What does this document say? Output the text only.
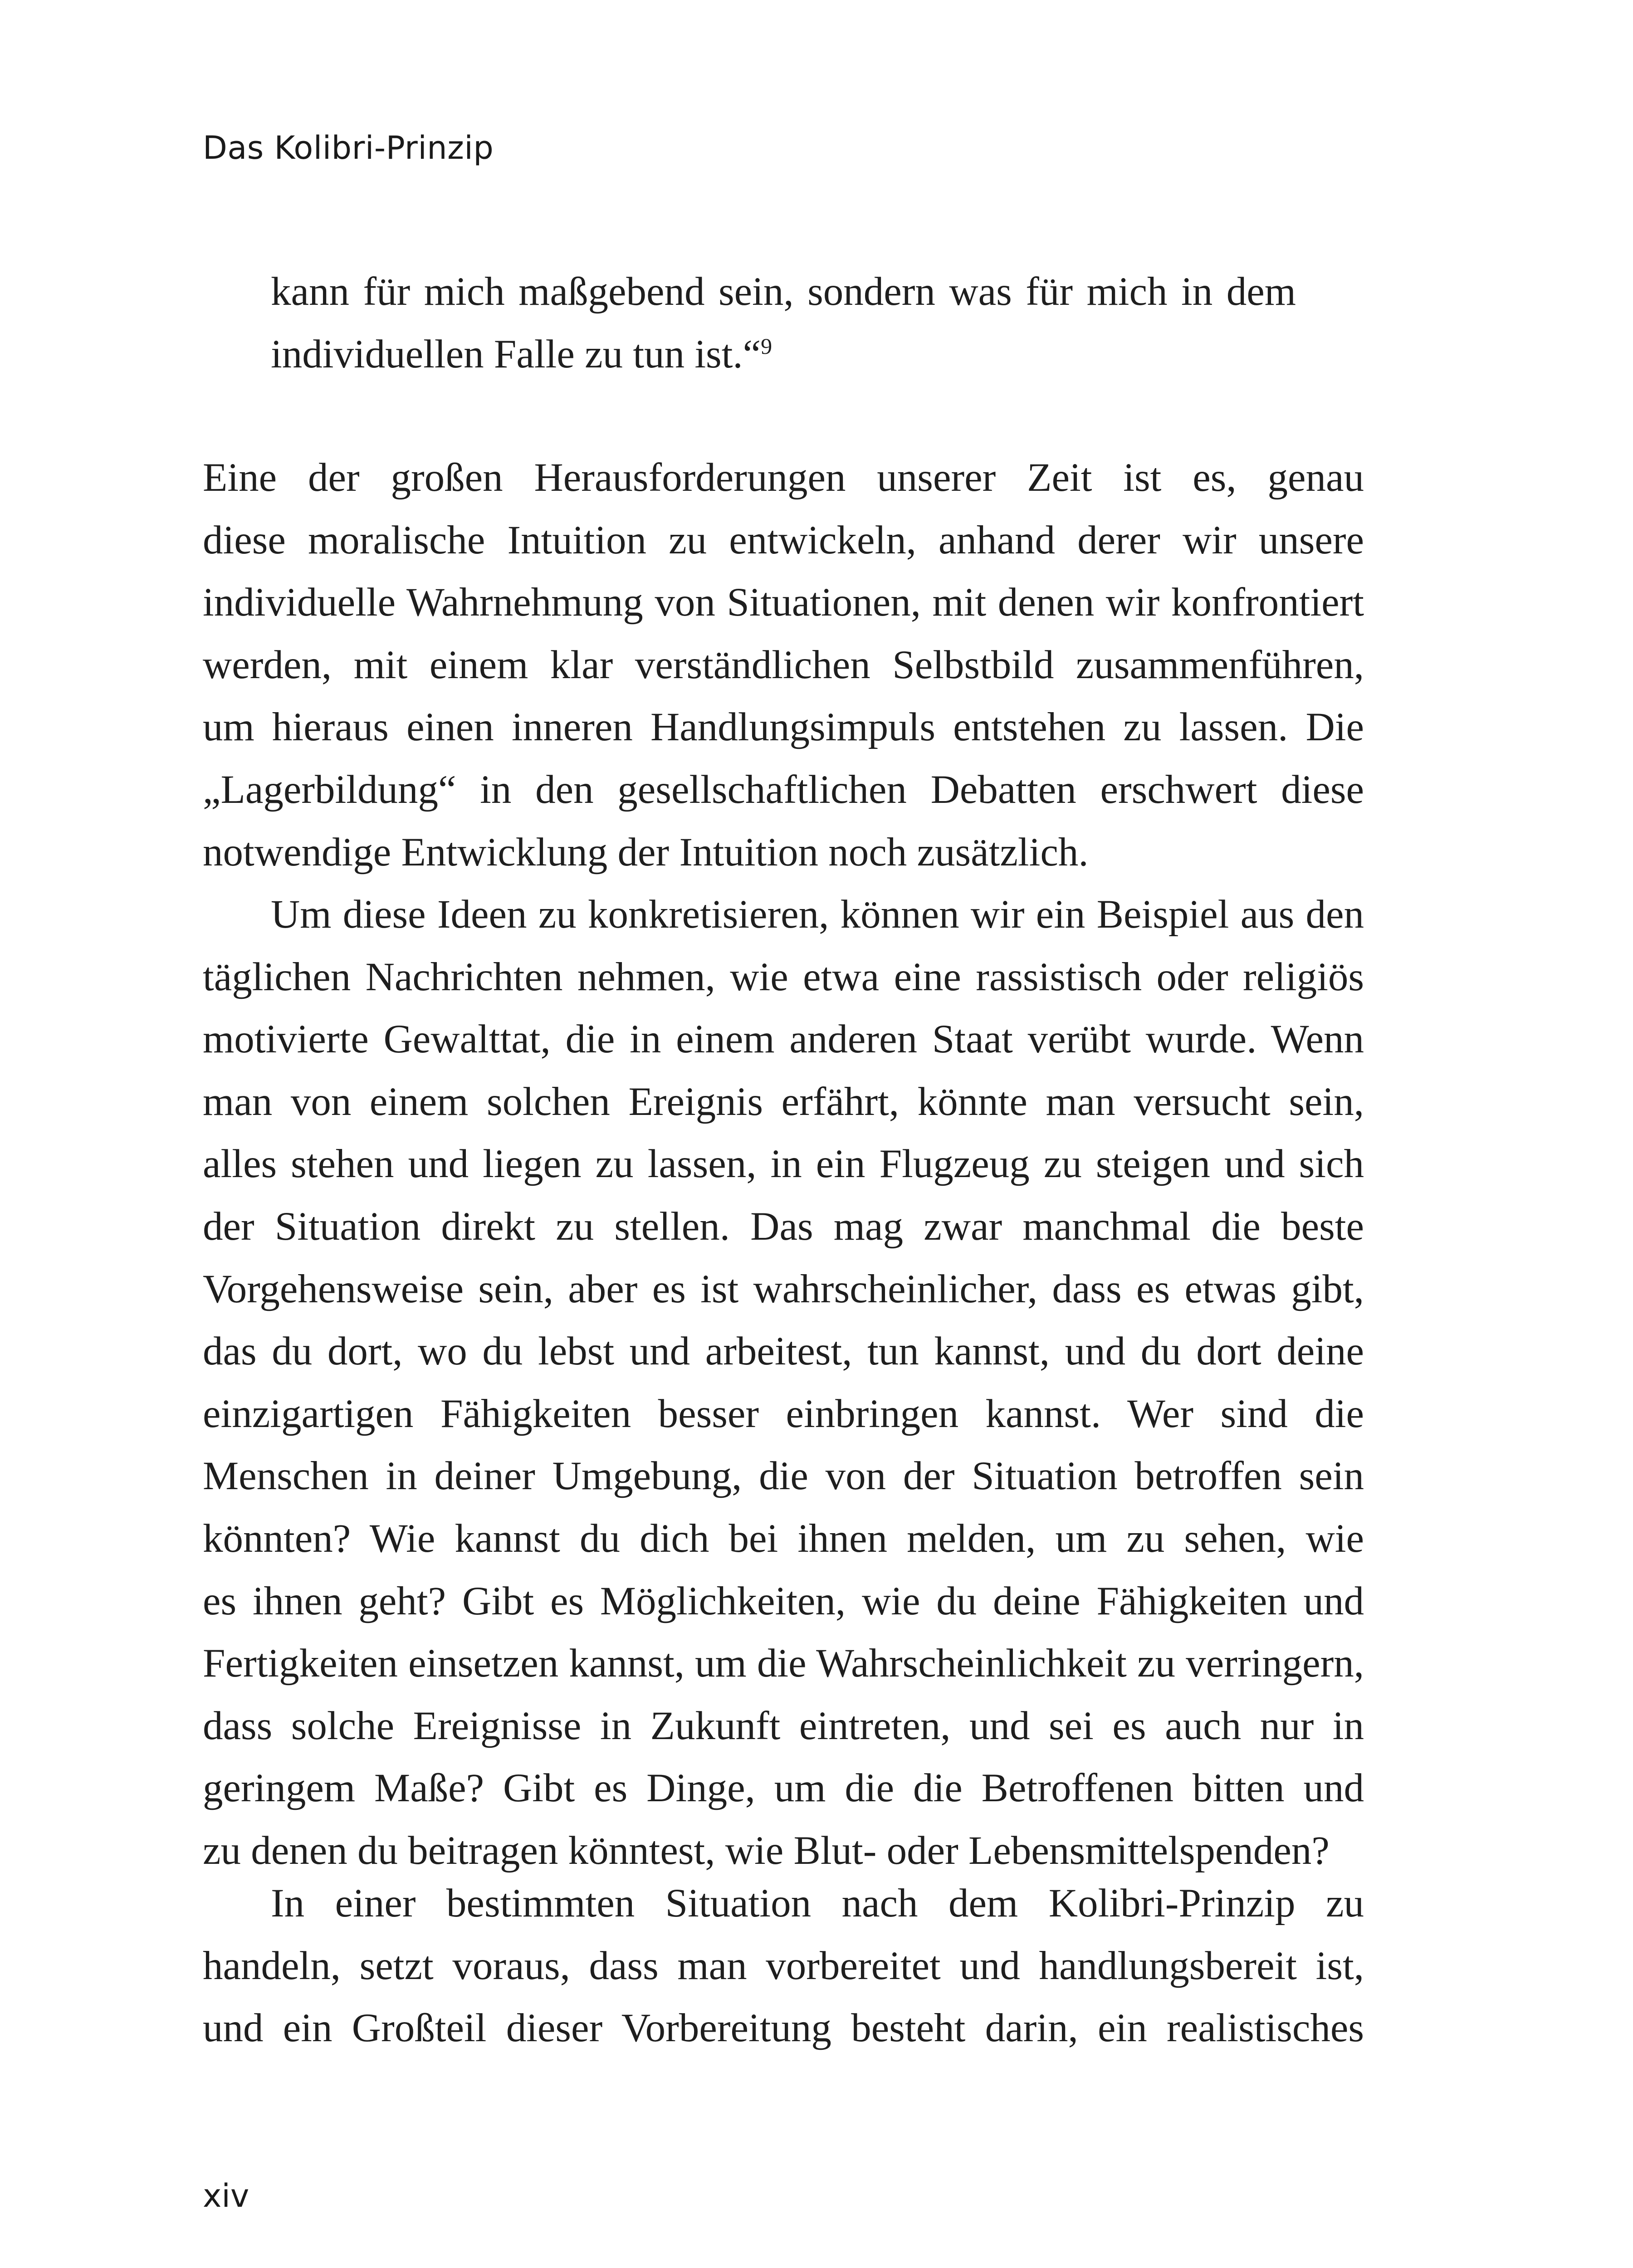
Das Kolibri-Prinzip
kann für mich maßgebend sein, sondern was für mich in dem
individuellen Falle zu tun ist.“$^9$
Eine der großen Herausforderungen unserer Zeit ist es, genau
diese moralische Intuition zu entwickeln, anhand derer wir unsere
individuelle Wahrnehmung von Situationen, mit denen wir konfrontiert
werden, mit einem klar verständlichen Selbstbild zusammenführen,
um hieraus einen inneren Handlungsimpuls entstehen zu lassen. Die
„Lagerbildung“ in den gesellschaftlichen Debatten erschwert diese
notwendige Entwicklung der Intuition noch zusätzlich.
Um diese Ideen zu konkretisieren, können wir ein Beispiel aus den
täglichen Nachrichten nehmen, wie etwa eine rassistisch oder religiös
motivierte Gewalttat, die in einem anderen Staat verübt wurde. Wenn
man von einem solchen Ereignis erfährt, könnte man versucht sein,
alles stehen und liegen zu lassen, in ein Flugzeug zu steigen und sich
der Situation direkt zu stellen. Das mag zwar manchmal die beste
Vorgehensweise sein, aber es ist wahrscheinlicher, dass es etwas gibt,
das du dort, wo du lebst und arbeitest, tun kannst, und du dort deine
einzigartigen Fähigkeiten besser einbringen kannst. Wer sind die
Menschen in deiner Umgebung, die von der Situation betroffen sein
könnten? Wie kannst du dich bei ihnen melden, um zu sehen, wie
es ihnen geht? Gibt es Möglichkeiten, wie du deine Fähigkeiten und
Fertigkeiten einsetzen kannst, um die Wahrscheinlichkeit zu verringern,
dass solche Ereignisse in Zukunft eintreten, und sei es auch nur in
geringem Maße? Gibt es Dinge, um die die Betroffenen bitten und
zu denen du beitragen könntest, wie Blut- oder Lebensmittelspenden?
In einer bestimmten Situation nach dem Kolibri-Prinzip zu
handeln, setzt voraus, dass man vorbereitet und handlungsbereit ist,
und ein Großteil dieser Vorbereitung besteht darin, ein realistisches
xiv
